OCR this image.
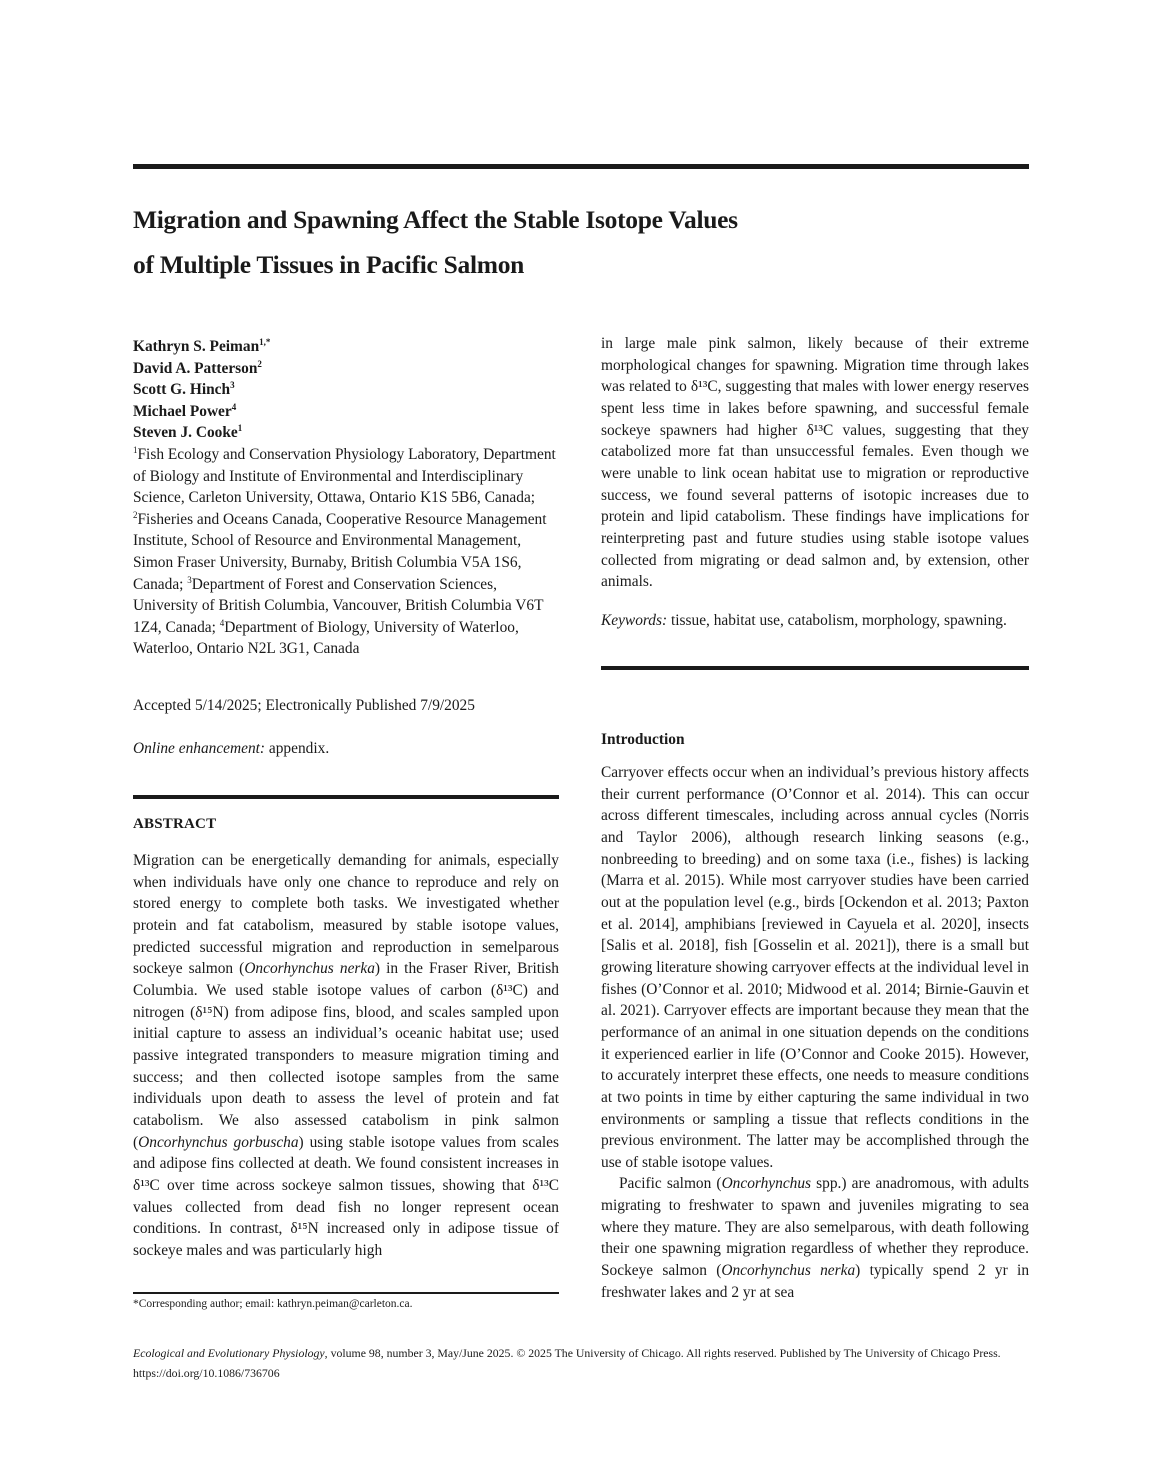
Migration and Spawning Affect the Stable Isotope Values
of Multiple Tissues in Pacific Salmon
Kathryn S. Peiman$^{1,*}$
David A. Patterson$^2$
Scott G. Hinch$^3$
Michael Power$^4$
Steven J. Cooke$^1$
$^1$Fish Ecology and Conservation Physiology Laboratory, Department of Biology and Institute of Environmental and Interdisciplinary Science, Carleton University, Ottawa, Ontario K1S 5B6, Canada; $^2$Fisheries and Oceans Canada, Cooperative Resource Management Institute, School of Resource and Environmental Management, Simon Fraser University, Burnaby, British Columbia V5A 1S6, Canada; $^3$Department of Forest and Conservation Sciences, University of British Columbia, Vancouver, British Columbia V6T 1Z4, Canada; $^4$Department of Biology, University of Waterloo, Waterloo, Ontario N2L 3G1, Canada
Accepted 5/14/2025; Electronically Published 7/9/2025
Online enhancement: appendix.
ABSTRACT
Migration can be energetically demanding for animals, especially when individuals have only one chance to reproduce and rely on stored energy to complete both tasks. We investigated whether protein and fat catabolism, measured by stable isotope values, predicted successful migration and reproduction in semelparous sockeye salmon (Oncorhynchus nerka) in the Fraser River, British Columbia. We used stable isotope values of carbon (δ¹³C) and nitrogen (δ¹⁵N) from adipose fins, blood, and scales sampled upon initial capture to assess an individual’s oceanic habitat use; used passive integrated transponders to measure migration timing and success; and then collected isotope samples from the same individuals upon death to assess the level of protein and fat catabolism. We also assessed catabolism in pink salmon (Oncorhynchus gorbuscha) using stable isotope values from scales and adipose fins collected at death. We found consistent increases in δ¹³C over time across sockeye salmon tissues, showing that δ¹³C values collected from dead fish no longer represent ocean conditions. In contrast, δ¹⁵N increased only in adipose tissue of sockeye males and was particularly high
in large male pink salmon, likely because of their extreme morphological changes for spawning. Migration time through lakes was related to δ¹³C, suggesting that males with lower energy reserves spent less time in lakes before spawning, and successful female sockeye spawners had higher δ¹³C values, suggesting that they catabolized more fat than unsuccessful females. Even though we were unable to link ocean habitat use to migration or reproductive success, we found several patterns of isotopic increases due to protein and lipid catabolism. These findings have implications for reinterpreting past and future studies using stable isotope values collected from migrating or dead salmon and, by extension, other animals.
Keywords: tissue, habitat use, catabolism, morphology, spawning.
Introduction
Carryover effects occur when an individual’s previous history affects their current performance (O’Connor et al. 2014). This can occur across different timescales, including across annual cycles (Norris and Taylor 2006), although research linking seasons (e.g., nonbreeding to breeding) and on some taxa (i.e., fishes) is lacking (Marra et al. 2015). While most carryover studies have been carried out at the population level (e.g., birds [Ockendon et al. 2013; Paxton et al. 2014], amphibians [reviewed in Cayuela et al. 2020], insects [Salis et al. 2018], fish [Gosselin et al. 2021]), there is a small but growing literature showing carryover effects at the individual level in fishes (O’Connor et al. 2010; Midwood et al. 2014; Birnie-Gauvin et al. 2021). Carryover effects are important because they mean that the performance of an animal in one situation depends on the conditions it experienced earlier in life (O’Connor and Cooke 2015). However, to accurately interpret these effects, one needs to measure conditions at two points in time by either capturing the same individual in two environments or sampling a tissue that reflects conditions in the previous environment. The latter may be accomplished through the use of stable isotope values.
Pacific salmon (Oncorhynchus spp.) are anadromous, with adults migrating to freshwater to spawn and juveniles migrating to sea where they mature. They are also semelparous, with death following their one spawning migration regardless of whether they reproduce. Sockeye salmon (Oncorhynchus nerka) typically spend 2 yr in freshwater lakes and 2 yr at sea
*Corresponding author; email: kathryn.peiman@carleton.ca.
Ecological and Evolutionary Physiology, volume 98, number 3, May/June 2025. © 2025 The University of Chicago. All rights reserved. Published by The University of Chicago Press. https://doi.org/10.1086/736706
